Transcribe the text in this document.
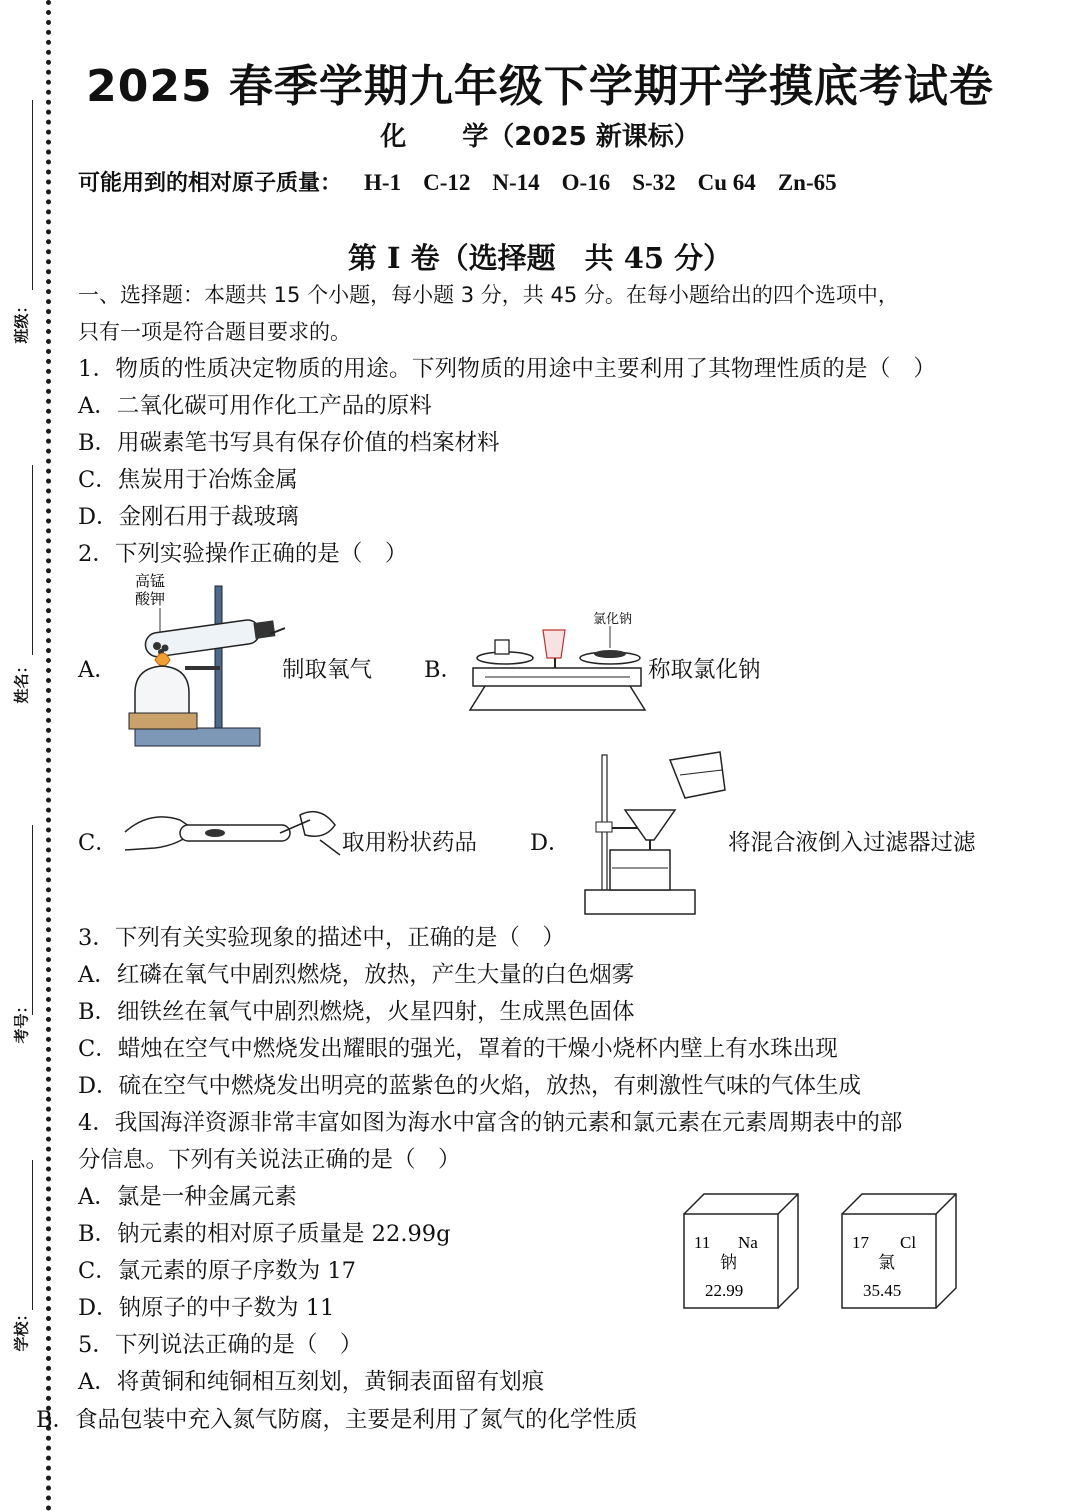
班级：
姓名：
考号：
学校：
2025 春季学期九年级下学期开学摸底考试卷
化 学（2025 新课标）
可能用到的相对原子质量： H-1 C-12 N-14 O-16 S-32 Cu 64 Zn-65
第 I 卷（选择题　共 45 分）
一、选择题：本题共 15 个小题，每小题 3 分，共 45 分。在每小题给出的四个选项中，
只有一项是符合题目要求的。
1．物质的性质决定物质的用途。下列物质的用途中主要利用了其物理性质的是（　）
A．二氧化碳可用作化工产品的原料
B．用碳素笔书写具有保存价值的档案材料
C．焦炭用于冶炼金属
D．金刚石用于裁玻璃
2．下列实验操作正确的是（　）
A．
高锰
酸钾
制取氧气 B．
氯化钠
称取氯化钠
C．	取用粉状药品 D．	将混合液倒入过滤器过滤
3．下列有关实验现象的描述中，正确的是（　）
A．红磷在氧气中剧烈燃烧，放热，产生大量的白色烟雾
B．细铁丝在氧气中剧烈燃烧，火星四射，生成黑色固体
C．蜡烛在空气中燃烧发出耀眼的强光，罩着的干燥小烧杯内壁上有水珠出现
D．硫在空气中燃烧发出明亮的蓝紫色的火焰，放热，有刺激性气味的气体生成
4．我国海洋资源非常丰富如图为海水中富含的钠元素和氯元素在元素周期表中的部
分信息。下列有关说法正确的是（　）
A．氯是一种金属元素
B．钠元素的相对原子质量是 22.99g
C．氯元素的原子序数为 17
D．钠原子的中子数为 11
11 Na
钠
22.99
17 Cl
氯
35.45
5．下列说法正确的是（　）
A．将黄铜和纯铜相互刻划，黄铜表面留有划痕
B．食品包装中充入氮气防腐，主要是利用了氮气的化学性质
